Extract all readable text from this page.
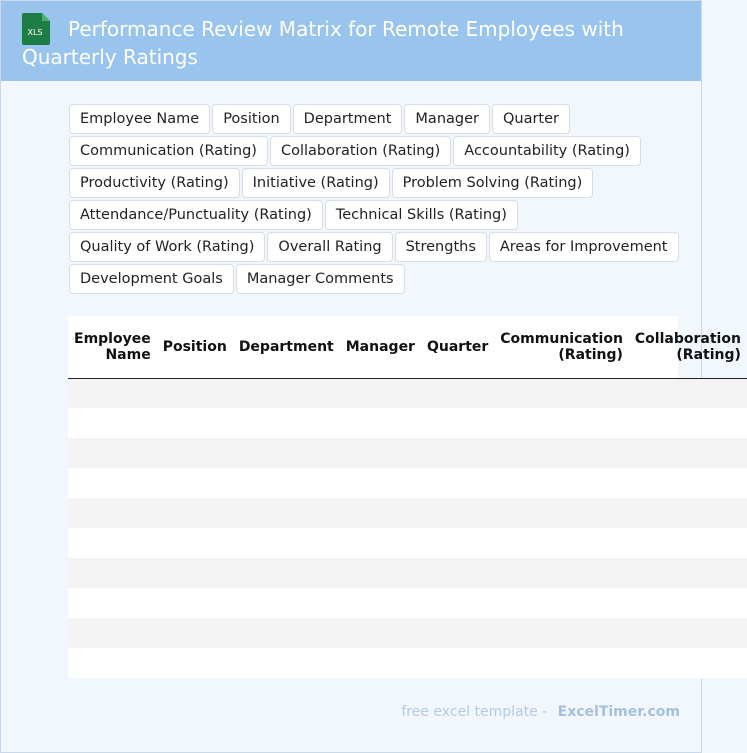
XLS	Performance Review Matrix for Remote Employees with Quarterly Ratings
Employee Name	Position	Department	Manager	Quarter
Communication (Rating)	Collaboration (Rating)	Accountability (Rating)
Productivity (Rating)	Initiative (Rating)	Problem Solving (Rating)
Attendance/Punctuality (Rating)	Technical Skills (Rating)
Quality of Work (Rating)	Overall Rating	Strengths	Areas for Improvement
Development Goals	Manager Comments
Employee Name	Position	Department	Manager	Quarter	Communication (Rating)	Collaboration (Rating)

free excel template - ExcelTimer.com
